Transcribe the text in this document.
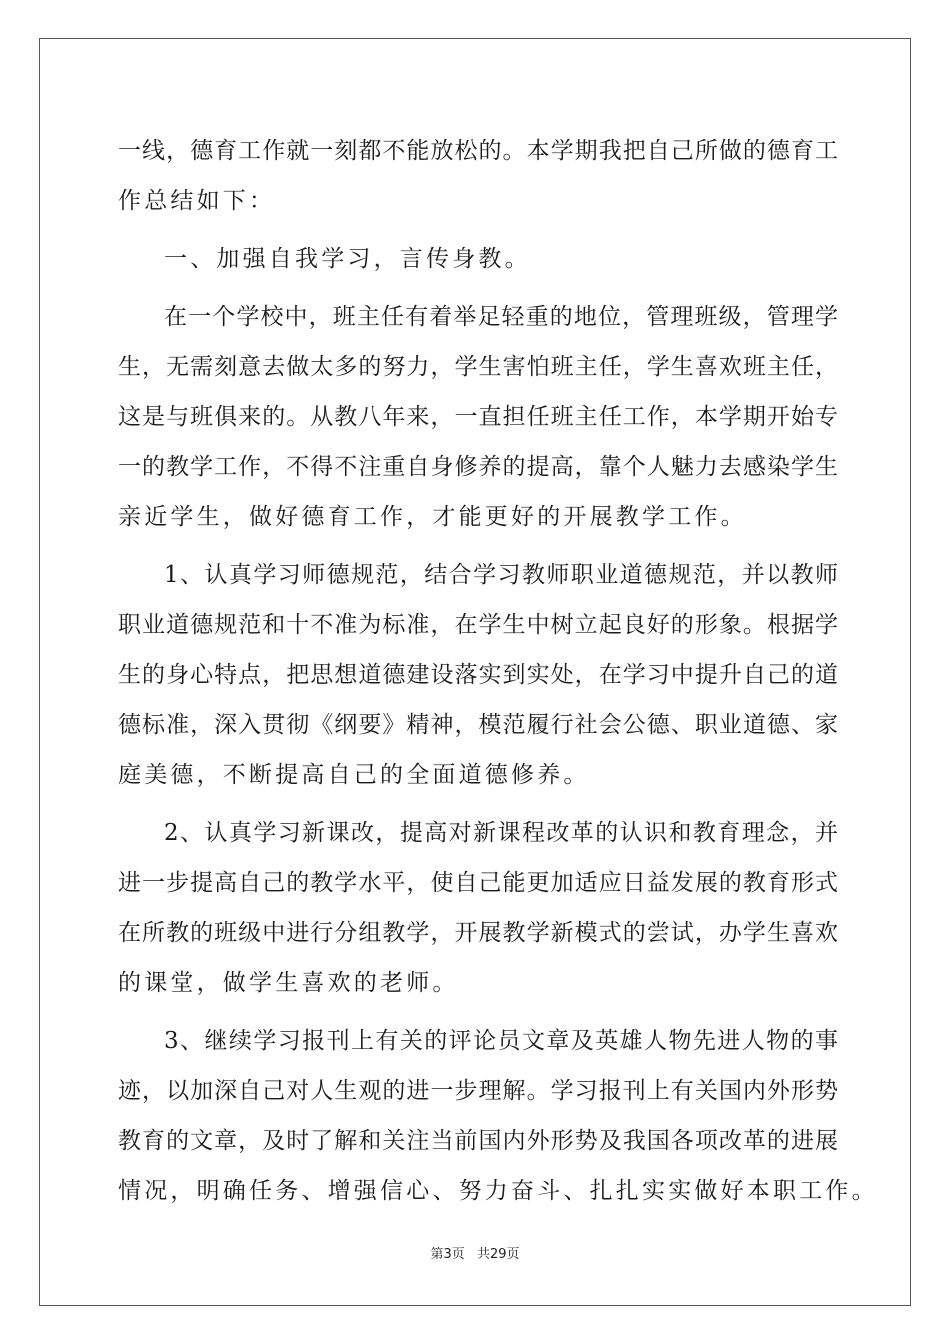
一线，德育工作就一刻都不能放松的。本学期我把自己所做的德育工
作总结如下：
一、加强自我学习，言传身教。
在一个学校中，班主任有着举足轻重的地位，管理班级，管理学
生，无需刻意去做太多的努力，学生害怕班主任，学生喜欢班主任，
这是与班俱来的。从教八年来，一直担任班主任工作，本学期开始专
一的教学工作，不得不注重自身修养的提高，靠个人魅力去感染学生
亲近学生，做好德育工作，才能更好的开展教学工作。
1、认真学习师德规范，结合学习教师职业道德规范，并以教师
职业道德规范和十不准为标准，在学生中树立起良好的形象。根据学
生的身心特点，把思想道德建设落实到实处，在学习中提升自己的道
德标准，深入贯彻《纲要》精神，模范履行社会公德、职业道德、家
庭美德，不断提高自己的全面道德修养。
2、认真学习新课改，提高对新课程改革的认识和教育理念，并
进一步提高自己的教学水平，使自己能更加适应日益发展的教育形式
在所教的班级中进行分组教学，开展教学新模式的尝试，办学生喜欢
的课堂，做学生喜欢的老师。
3、继续学习报刊上有关的评论员文章及英雄人物先进人物的事
迹，以加深自己对人生观的进一步理解。学习报刊上有关国内外形势
教育的文章，及时了解和关注当前国内外形势及我国各项改革的进展
情况，明确任务、增强信心、努力奋斗、扎扎实实做好本职工作。
第3页 共29页
